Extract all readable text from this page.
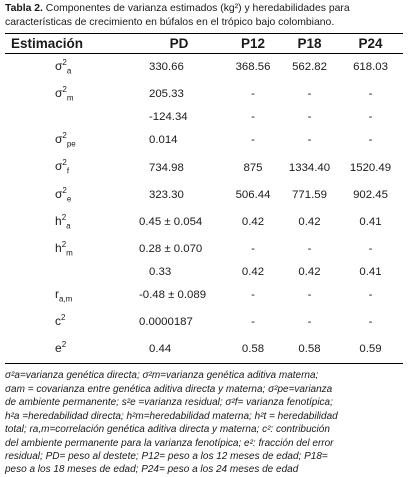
Tabla 2. Componentes de varianza estimados (kg²) y heredabilidades para características de crecimiento en búfalos en el trópico bajo colombiano.

Estimación	PD	P12	P18	P24
$\sigma^2_a$	330.66	368.56	562.82	618.03
$\sigma^2_m$	205.33	-	-	-
	-124.34	-	-	-
$\sigma^2_{pe}$	0.014	-	-	-
$\sigma^2_f$	734.98	875	1334.40	1520.49
$\sigma^2_e$	323.30	506.44	771.59	902.45
$h^2_a$	0.45 ± 0.054	0.42	0.42	0.41
$h^2_m$	0.28 ± 0.070	-	-	-
	0.33	0.42	0.42	0.41
$r_{a,m}$	-0.48 ± 0.089	-	-	-
$c^2$	0.0000187	-	-	-
$e^2$	0.44	0.58	0.58	0.59
σ²a=varianza genética directa; σ²m=varianza genética aditiva materna;
σam = covarianza entre genética aditiva directa y materna; σ²pe=varianza
de ambiente permanente; s²e =varianza residual; σ²f= varianza fenotípica;
h²a =heredabilidad directa; h²m=heredabilidad materna; h²t = heredabilidad
total; ra,m=correlación genética aditiva directa y materna; c²: contribución
del ambiente permanente para la varianza fenotípica; e²: fracción del error
residual; PD= peso al destete; P12= peso a los 12 meses de edad; P18=
peso a los 18 meses de edad; P24= peso a los 24 meses de edad
